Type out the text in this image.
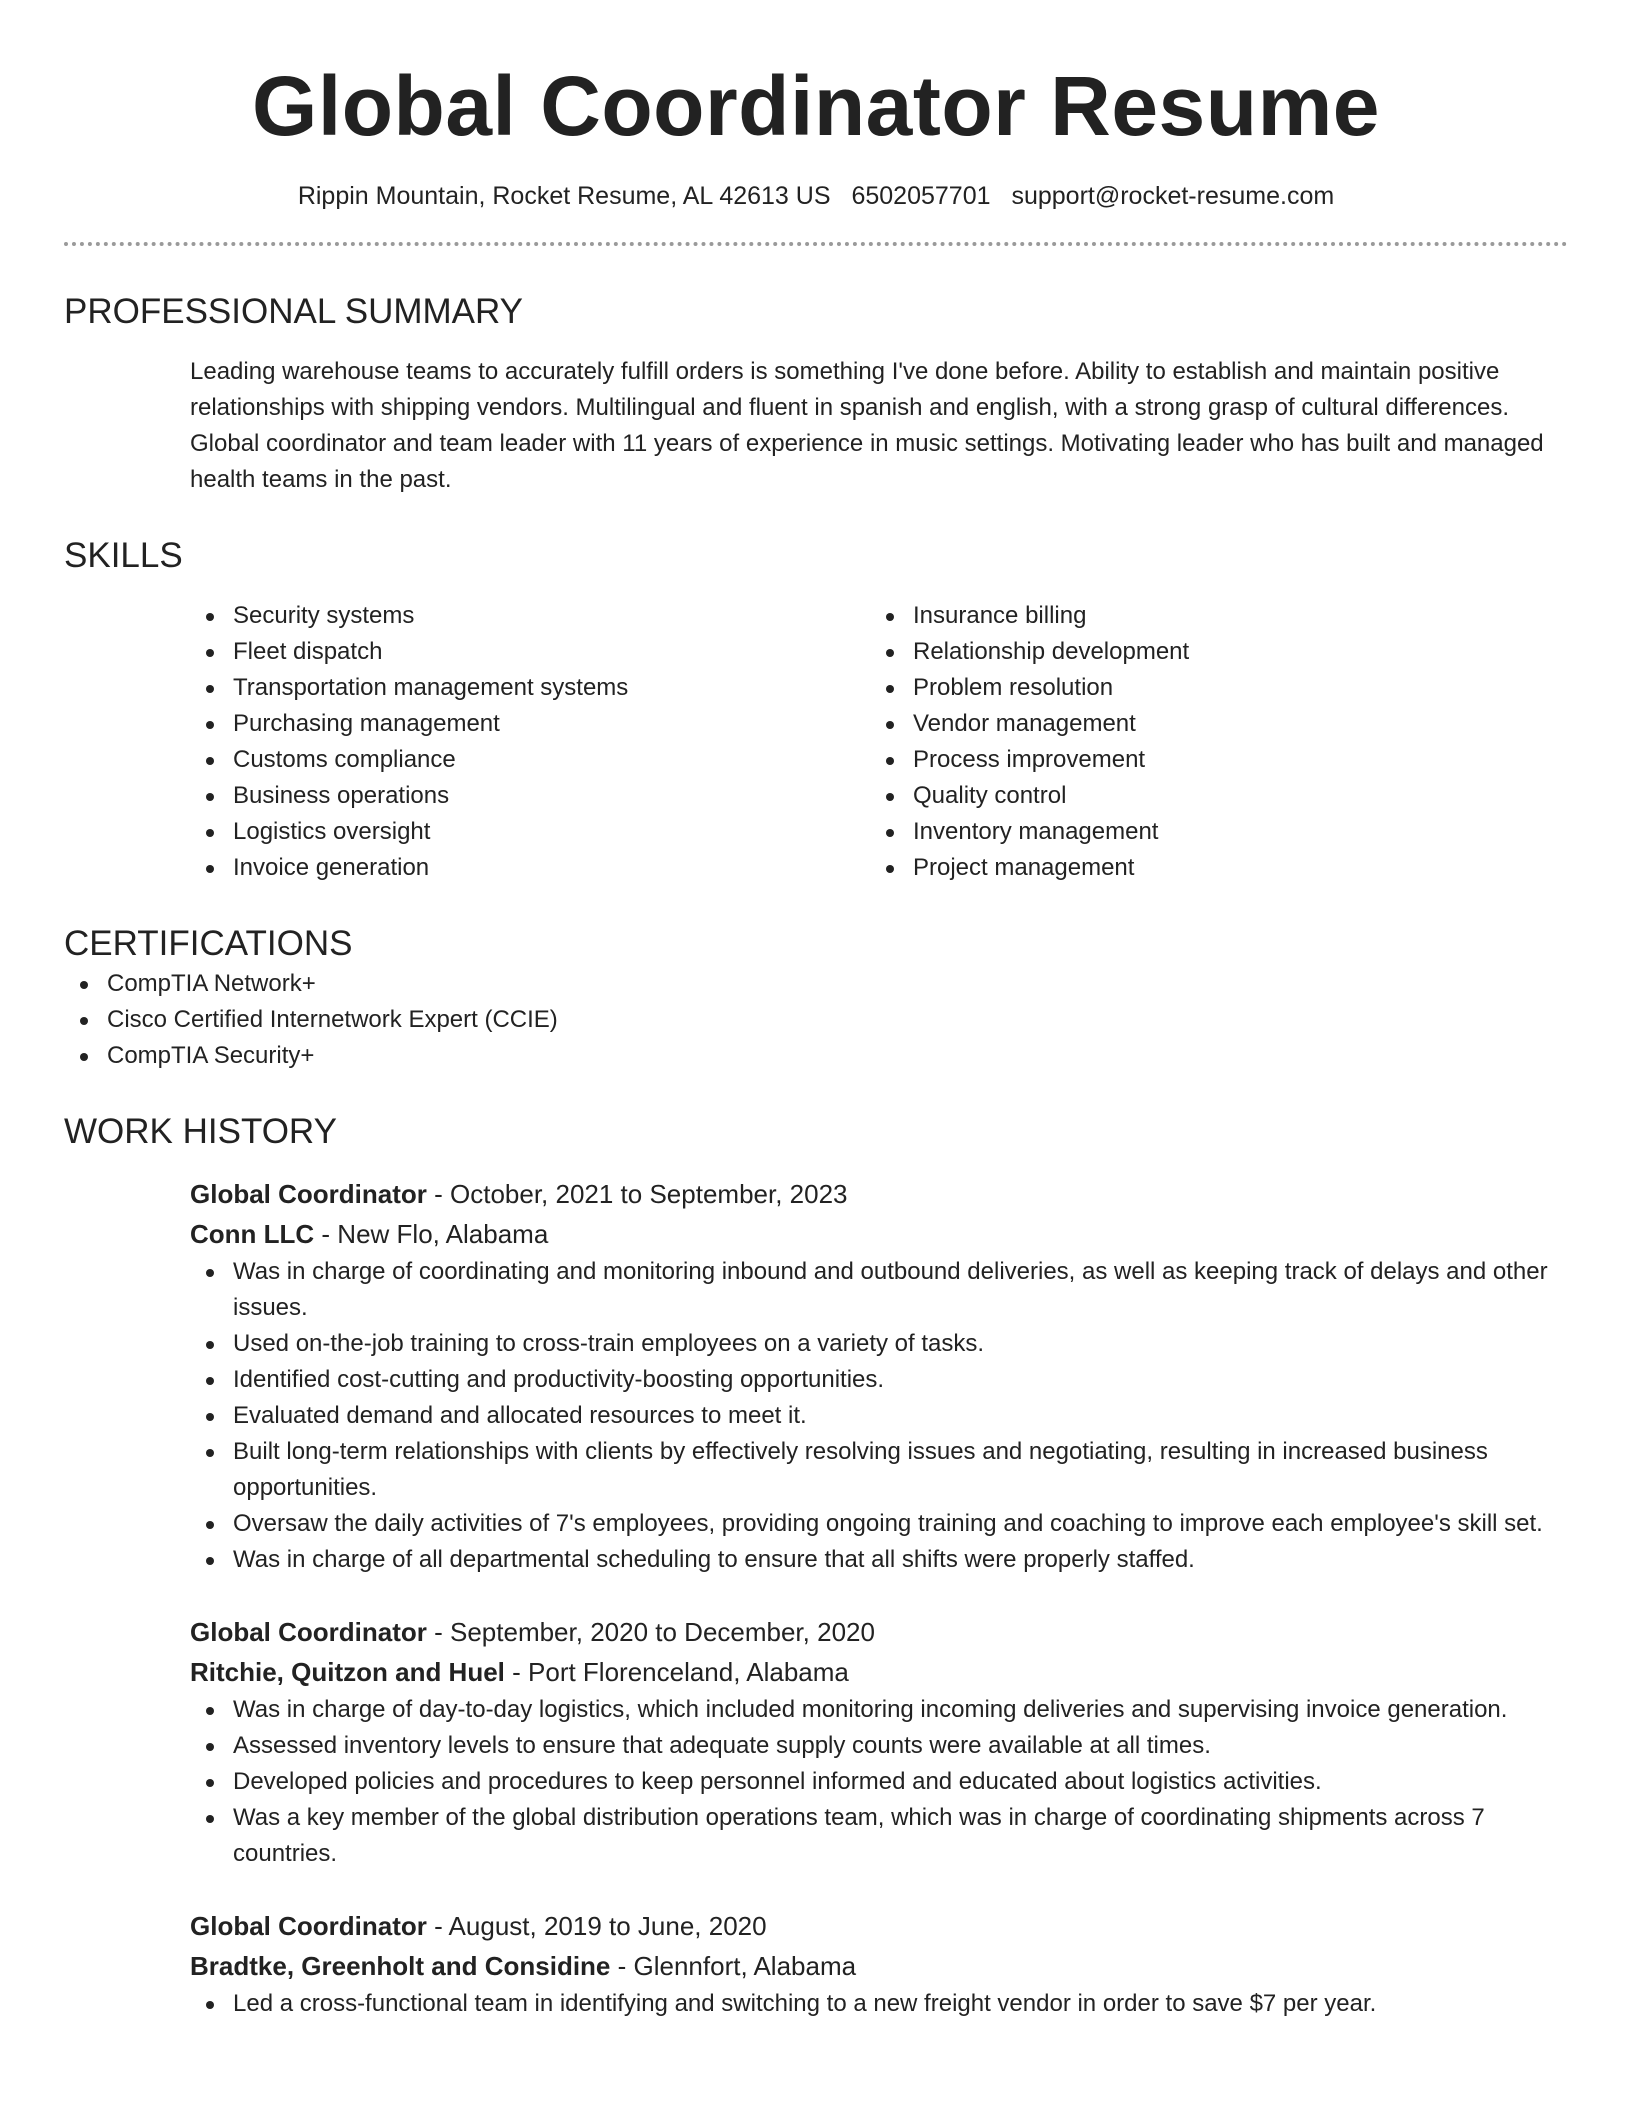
Global Coordinator Resume
Rippin Mountain, Rocket Resume, AL 42613 US 6502057701 support@rocket-resume.com
PROFESSIONAL SUMMARY

Leading warehouse teams to accurately fulfill orders is something I've done before. Ability to establish and maintain positive relationships with shipping vendors. Multilingual and fluent in spanish and english, with a strong grasp of cultural differences. Global coordinator and team leader with 11 years of experience in music settings. Motivating leader who has built and managed health teams in the past.

SKILLS
Security systems
Fleet dispatch
Transportation management systems
Purchasing management
Customs compliance
Business operations
Logistics oversight
Invoice generation
Insurance billing
Relationship development
Problem resolution
Vendor management
Process improvement
Quality control
Inventory management
Project management
CERTIFICATIONS
CompTIA Network+
Cisco Certified Internetwork Expert (CCIE)
CompTIA Security+
WORK HISTORY
Global Coordinator - October, 2021 to September, 2023
Conn LLC - New Flo, Alabama
Was in charge of coordinating and monitoring inbound and outbound deliveries, as well as keeping track of delays and other issues.
Used on-the-job training to cross-train employees on a variety of tasks.
Identified cost-cutting and productivity-boosting opportunities.
Evaluated demand and allocated resources to meet it.
Built long-term relationships with clients by effectively resolving issues and negotiating, resulting in increased business opportunities.
Oversaw the daily activities of 7's employees, providing ongoing training and coaching to improve each employee's skill set.
Was in charge of all departmental scheduling to ensure that all shifts were properly staffed.
Global Coordinator - September, 2020 to December, 2020
Ritchie, Quitzon and Huel - Port Florenceland, Alabama
Was in charge of day-to-day logistics, which included monitoring incoming deliveries and supervising invoice generation.
Assessed inventory levels to ensure that adequate supply counts were available at all times.
Developed policies and procedures to keep personnel informed and educated about logistics activities.
Was a key member of the global distribution operations team, which was in charge of coordinating shipments across 7 countries.
Global Coordinator - August, 2019 to June, 2020
Bradtke, Greenholt and Considine - Glennfort, Alabama
Led a cross-functional team in identifying and switching to a new freight vendor in order to save $7 per year.
